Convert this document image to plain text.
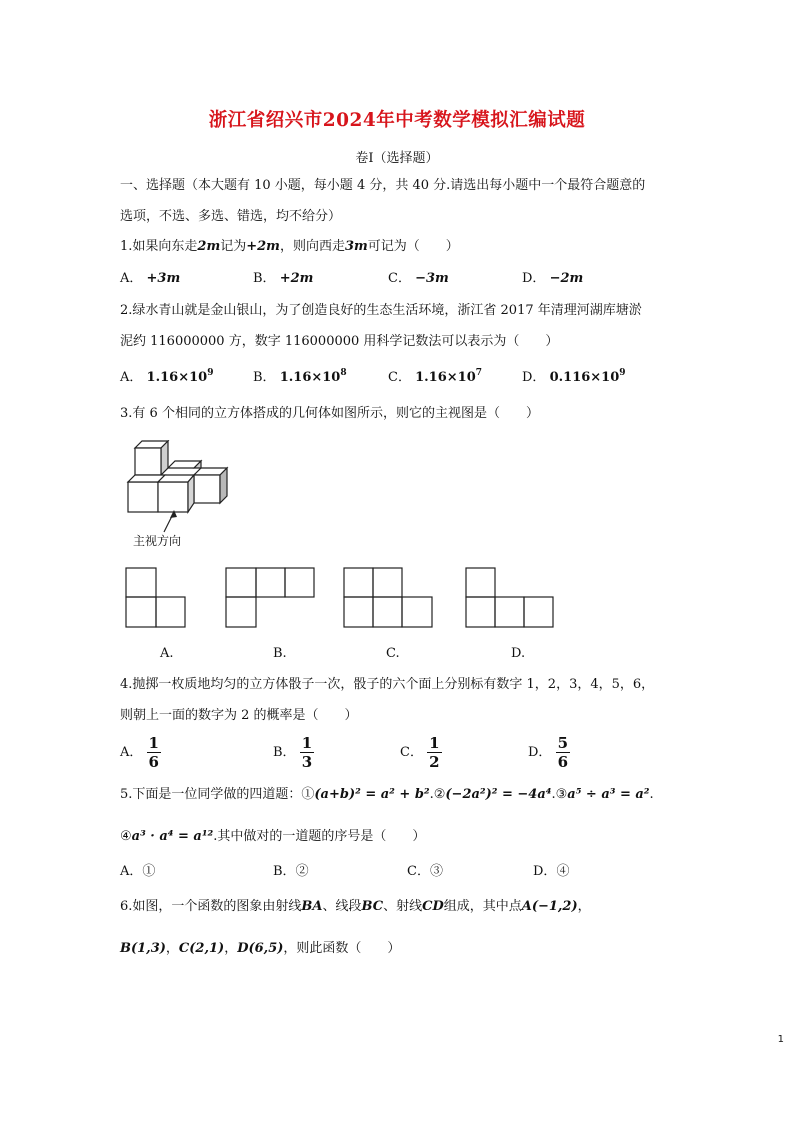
浙江省绍兴市2024年中考数学模拟汇编试题
卷Ⅰ（选择题）
一、选择题（本大题有 10 小题，每小题 4 分，共 40 分.请选出每小题中一个最符合题意的
选项，不选、多选、错选，均不给分）
1.如果向东走2m记为+2m，则向西走3m可记为（　　）
A． +3m	B． +2m	C． −3m	D． −2m
2.绿水青山就是金山银山，为了创造良好的生态生活环境，浙江省 2017 年清理河湖库塘淤
泥约 116000000 方，数字 116000000 用科学记数法可以表示为（　　）
A． $1.16\times 10^9$	B． $1.16\times 10^8$	C． $1.16\times 10^7$	D． $0.116\times 10^9$
3.有 6 个相同的立方体搭成的几何体如图所示，则它的主视图是（　　）
主视方向
A.	B.	C.	D.
4.抛掷一枚质地均匀的立方体骰子一次，骰子的六个面上分别标有数字 1，2，3，4，5，6，
则朝上一面的数字为 2 的概率是（　　）
A． $\frac{1}{6}$	B． $\frac{1}{3}$	C． $\frac{1}{2}$	D． $\frac{5}{6}$
5.下面是一位同学做的四道题：①(a+b)² = a² + b².②(−2a²)² = −4a⁴.③a⁵ ÷ a³ = a².
④a³ · a⁴ = a¹².其中做对的一道题的序号是（　　）
A．①	B．②	C．③	D．④
6.如图，一个函数的图象由射线BA、线段BC、射线CD组成，其中点A(−1,2)，
B(1,3)，C(2,1)，D(6,5)，则此函数（　　）
1
